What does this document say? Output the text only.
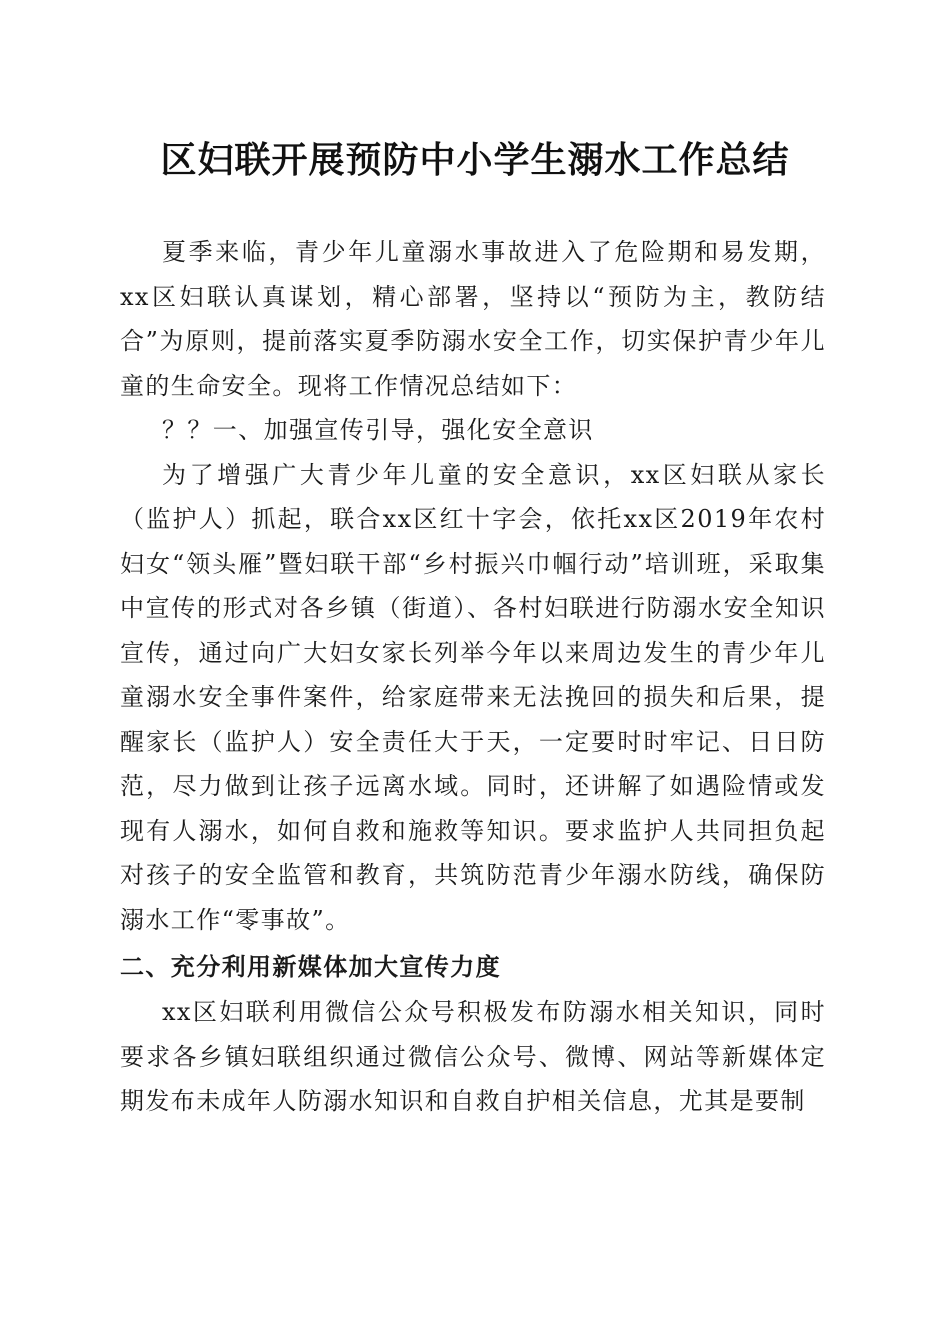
区妇联开展预防中小学生溺水工作总结

夏季来临，青少年儿童溺水事故进入了危险期和易发期，xx区妇联认真谋划，精心部署，坚持以“预防为主，教防结合”为原则，提前落实夏季防溺水安全工作，切实保护青少年儿童的生命安全。现将工作情况总结如下：

？？一、加强宣传引导，强化安全意识

为了增强广大青少年儿童的安全意识，xx区妇联从家长（监护人）抓起，联合xx区红十字会，依托xx区2019年农村妇女“领头雁”暨妇联干部“乡村振兴巾帼行动”培训班，采取集中宣传的形式对各乡镇（街道）、各村妇联进行防溺水安全知识宣传，通过向广大妇女家长列举今年以来周边发生的青少年儿童溺水安全事件案件，给家庭带来无法挽回的损失和后果，提醒家长（监护人）安全责任大于天，一定要时时牢记、日日防范，尽力做到让孩子远离水域。同时，还讲解了如遇险情或发现有人溺水，如何自救和施救等知识。要求监护人共同担负起对孩子的安全监管和教育，共筑防范青少年溺水防线，确保防溺水工作“零事故”。

二、充分利用新媒体加大宣传力度

xx区妇联利用微信公众号积极发布防溺水相关知识，同时要求各乡镇妇联组织通过微信公众号、微博、网站等新媒体定期发布未成年人防溺水知识和自救自护相关信息，尤其是要制
